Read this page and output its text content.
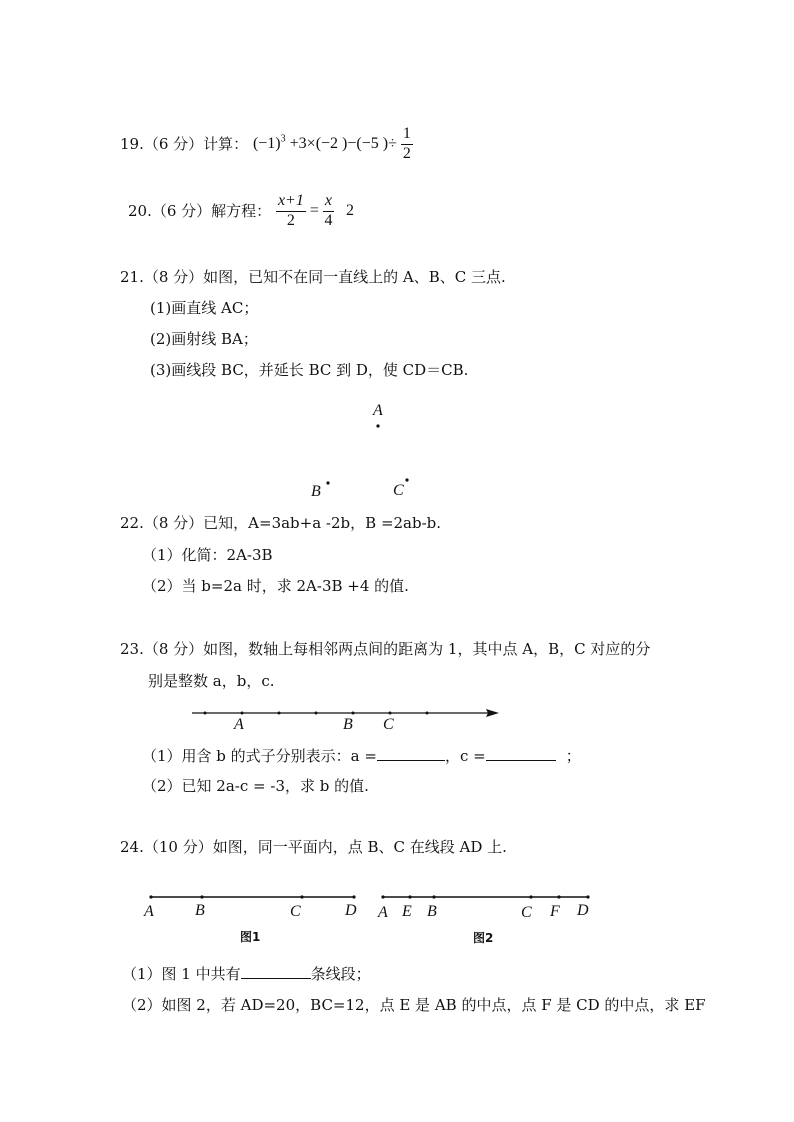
19.（6 分）计算： $(-1)^3 +3\times(-2$ )−(−5 )÷ $\frac{1}{2}$
20.（6 分）解方程： $\frac{x+1}{2} = \frac{x}{4} 2$
21.（8 分）如图，已知不在同一直线上的 A、B、C 三点.
(1)画直线 AC；
(2)画射线 BA；
(3)画线段 BC，并延长 BC 到 D，使 CD＝CB.
A
B	C
22.（8 分）已知，A=3ab+a -2b，B =2ab-b.
（1）化简：2A-3B
（2）当 b=2a 时，求 2A-3B +4 的值.
23.（8 分）如图，数轴上每相邻两点间的距离为 1，其中点 A，B，C 对应的分
别是整数 a，b，c.
A	B C
（1）用含 b 的式子分别表示：a =	，c =	；
（2）已知 2a-c = -3，求 b 的值.
24.（10 分）如图，同一平面内，点 B、C 在线段 AD 上.
A	B	C	D
图1
A E B	C F D
图2
（1）图 1 中共有	条线段；
（2）如图 2，若 AD=20，BC=12，点 E 是 AB 的中点，点 F 是 CD 的中点，求 EF
